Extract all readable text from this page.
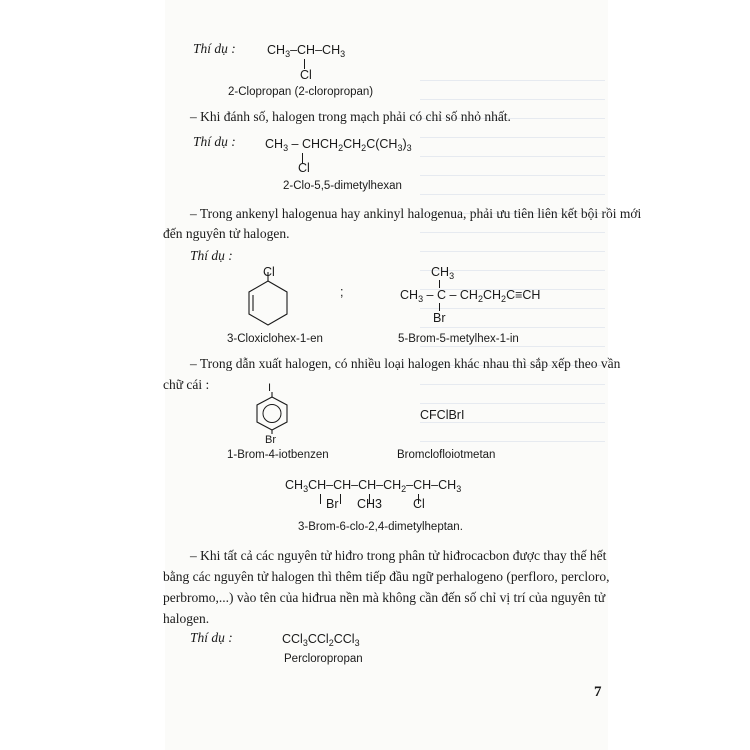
Thí dụ : $CH_3-CH-CH_3$
Cl
2-Clopropan (2-cloropropan)
– Khi đánh số, halogen trong mạch phải có chỉ số nhỏ nhất.
Thí dụ : $CH_3$ – $CHCH_2CH_2C(CH_3)_3$
Cl
2-Clo-5,5-dimetylhexan
– Trong ankenyl halogenua hay ankinyl halogenua, phải ưu tiên liên kết bội rồi mới
đến nguyên tử halogen.
Thí dụ :
Cl
3-Cloxiclohex-1-en
;
$CH_3$
$CH_3 - C - CH_2CH_2C\equiv CH$
Br
5-Brom-5-metylhex-1-in
– Trong dẫn xuất halogen, có nhiều loại halogen khác nhau thì sắp xếp theo vần
chữ cái :	I
Br
1-Brom-4-iotbenzen
CFClBrI
Bromclofloiotmetan
$CH_3CH-CH-CH-CH_2-CH-CH_3$
Br CH3 Cl
3-Brom-6-clo-2,4-dimetylheptan.
– Khi tất cả các nguyên tử hiđro trong phân tử hiđrocacbon được thay thế hết
bằng các nguyên tử halogen thì thêm tiếp đầu ngữ perhalogeno (perfloro, percloro,
perbromo,...) vào tên của hiđrua nền mà không cần đến số chỉ vị trí của nguyên tử
halogen.
Thí dụ :	CCl$_3$CCl$_2$CCl$_3$
Percloropropan
7
